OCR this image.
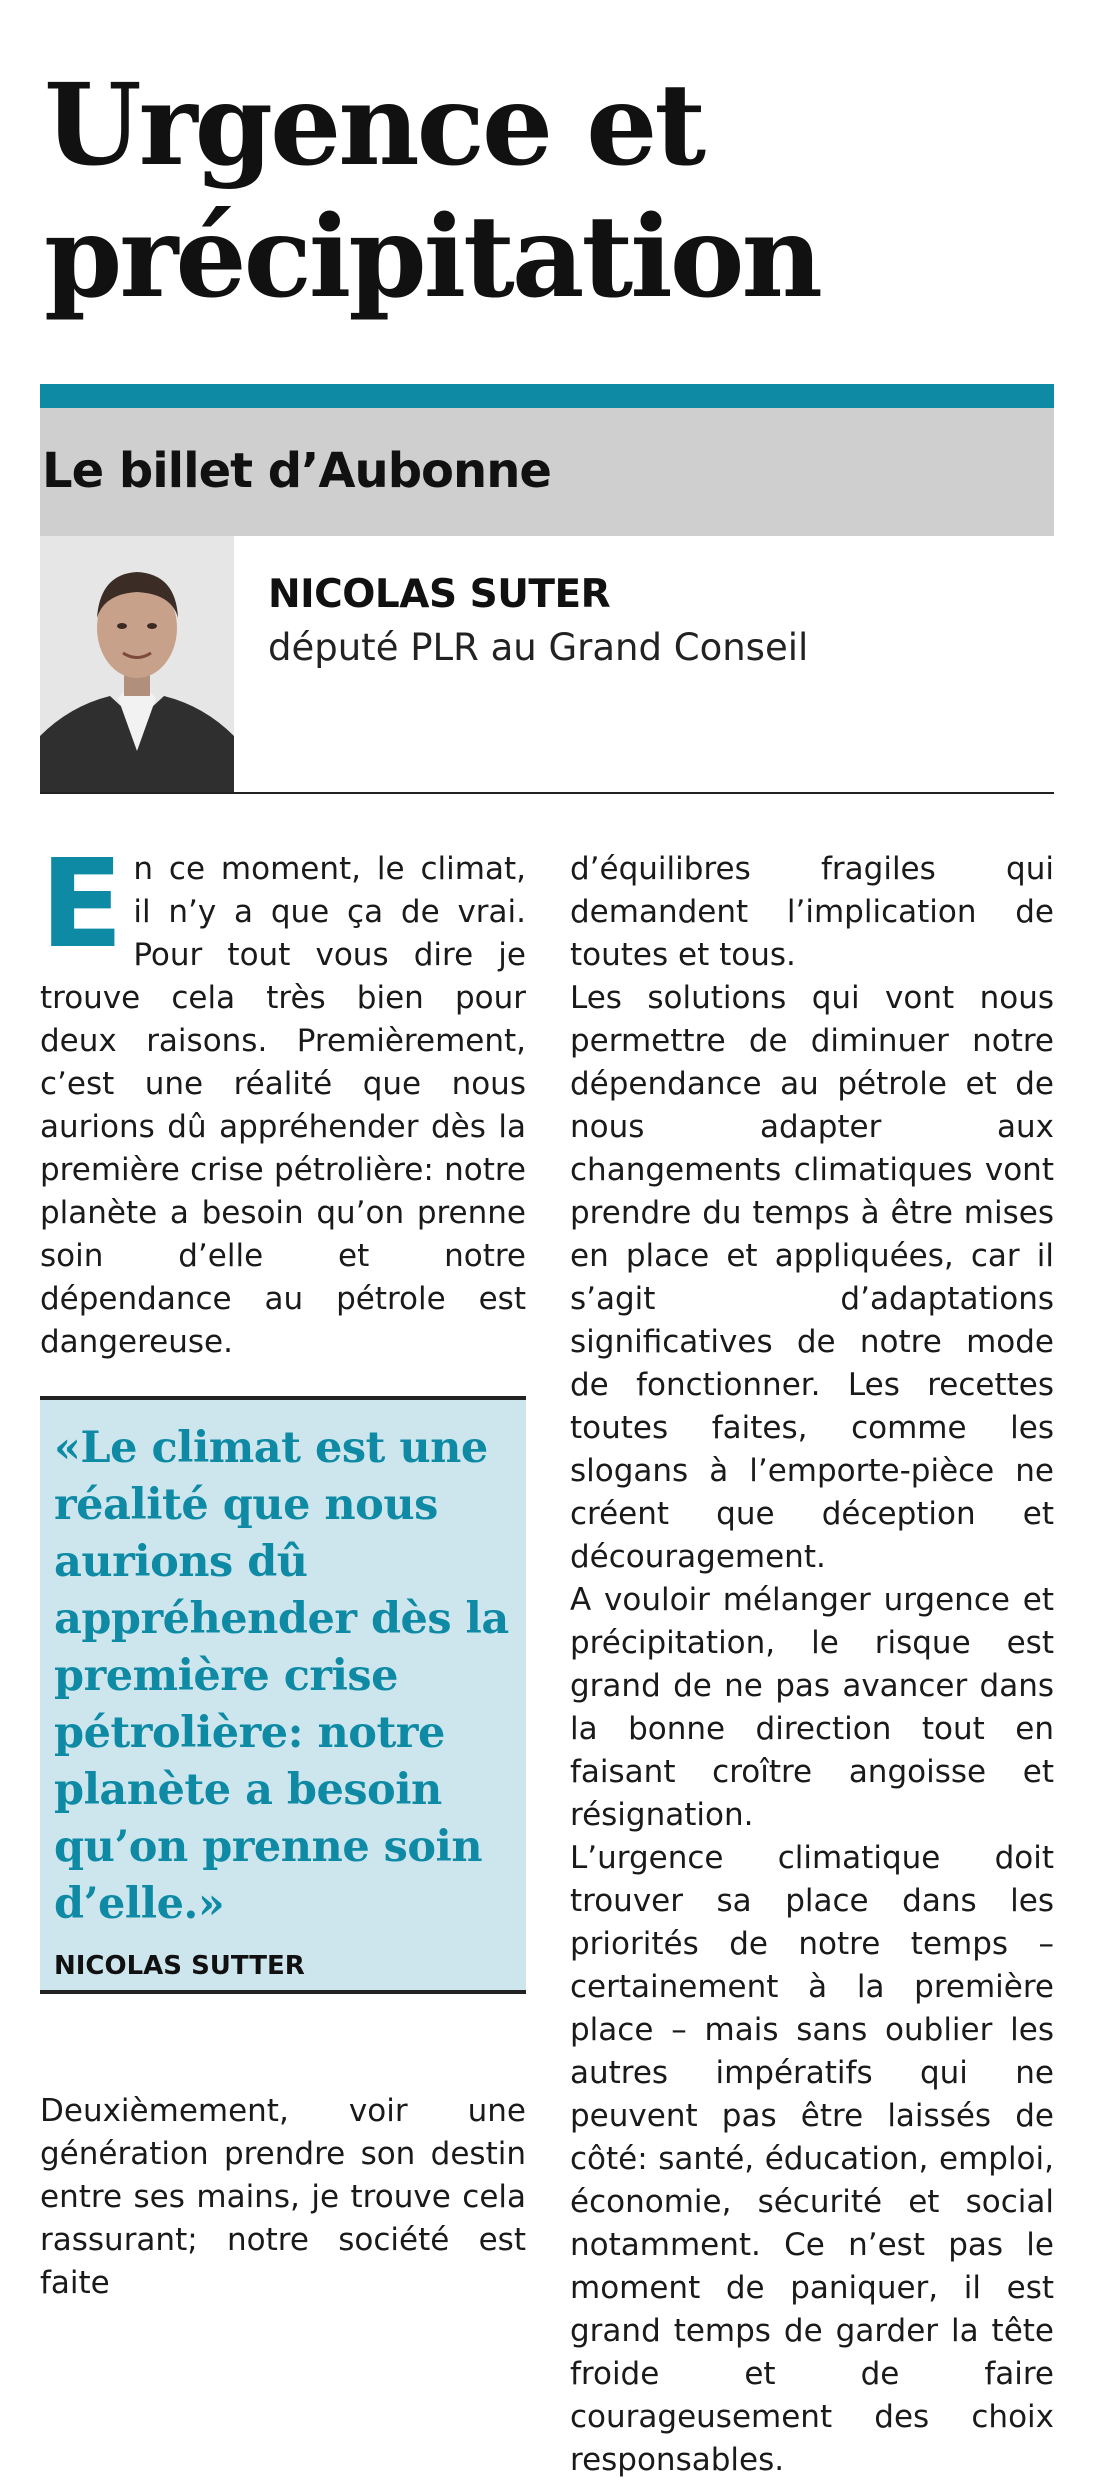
Urgence et
précipitation
Le billet d’Aubonne
NICOLAS SUTER
député PLR au Grand Conseil

En ce moment, le climat, il n’y a que ça de vrai. Pour tout vous dire je trouve cela très bien pour deux raisons. Premièrement, c’est une réalité que nous aurions dû appréhender dès la première crise pétrolière: notre planète a besoin qu’on prenne soin d’elle et notre dépendance au pétrole est dangereuse.

«Le climat est une réalité que nous aurions dû appréhender dès la première crise pétrolière: notre planète a besoin qu’on prenne soin d’elle.»
NICOLAS SUTTER

Deuxièmement, voir une génération prendre son destin entre ses mains, je trouve cela rassurant; notre société est faite

d’équilibres fragiles qui demandent l’implication de toutes et tous.

Les solutions qui vont nous permettre de diminuer notre dépendance au pétrole et de nous adapter aux changements climatiques vont prendre du temps à être mises en place et appliquées, car il s’agit d’adaptations significatives de notre mode de fonctionner. Les recettes toutes faites, comme les slogans à l’emporte-pièce ne créent que déception et découragement.

A vouloir mélanger urgence et précipitation, le risque est grand de ne pas avancer dans la bonne direction tout en faisant croître angoisse et résignation.

L’urgence climatique doit trouver sa place dans les priorités de notre temps – certainement à la première place – mais sans oublier les autres impératifs qui ne peuvent pas être laissés de côté: santé, éducation, emploi, économie, sécurité et social notamment. Ce n’est pas le moment de paniquer, il est grand temps de garder la tête froide et de faire courageusement des choix responsables.
